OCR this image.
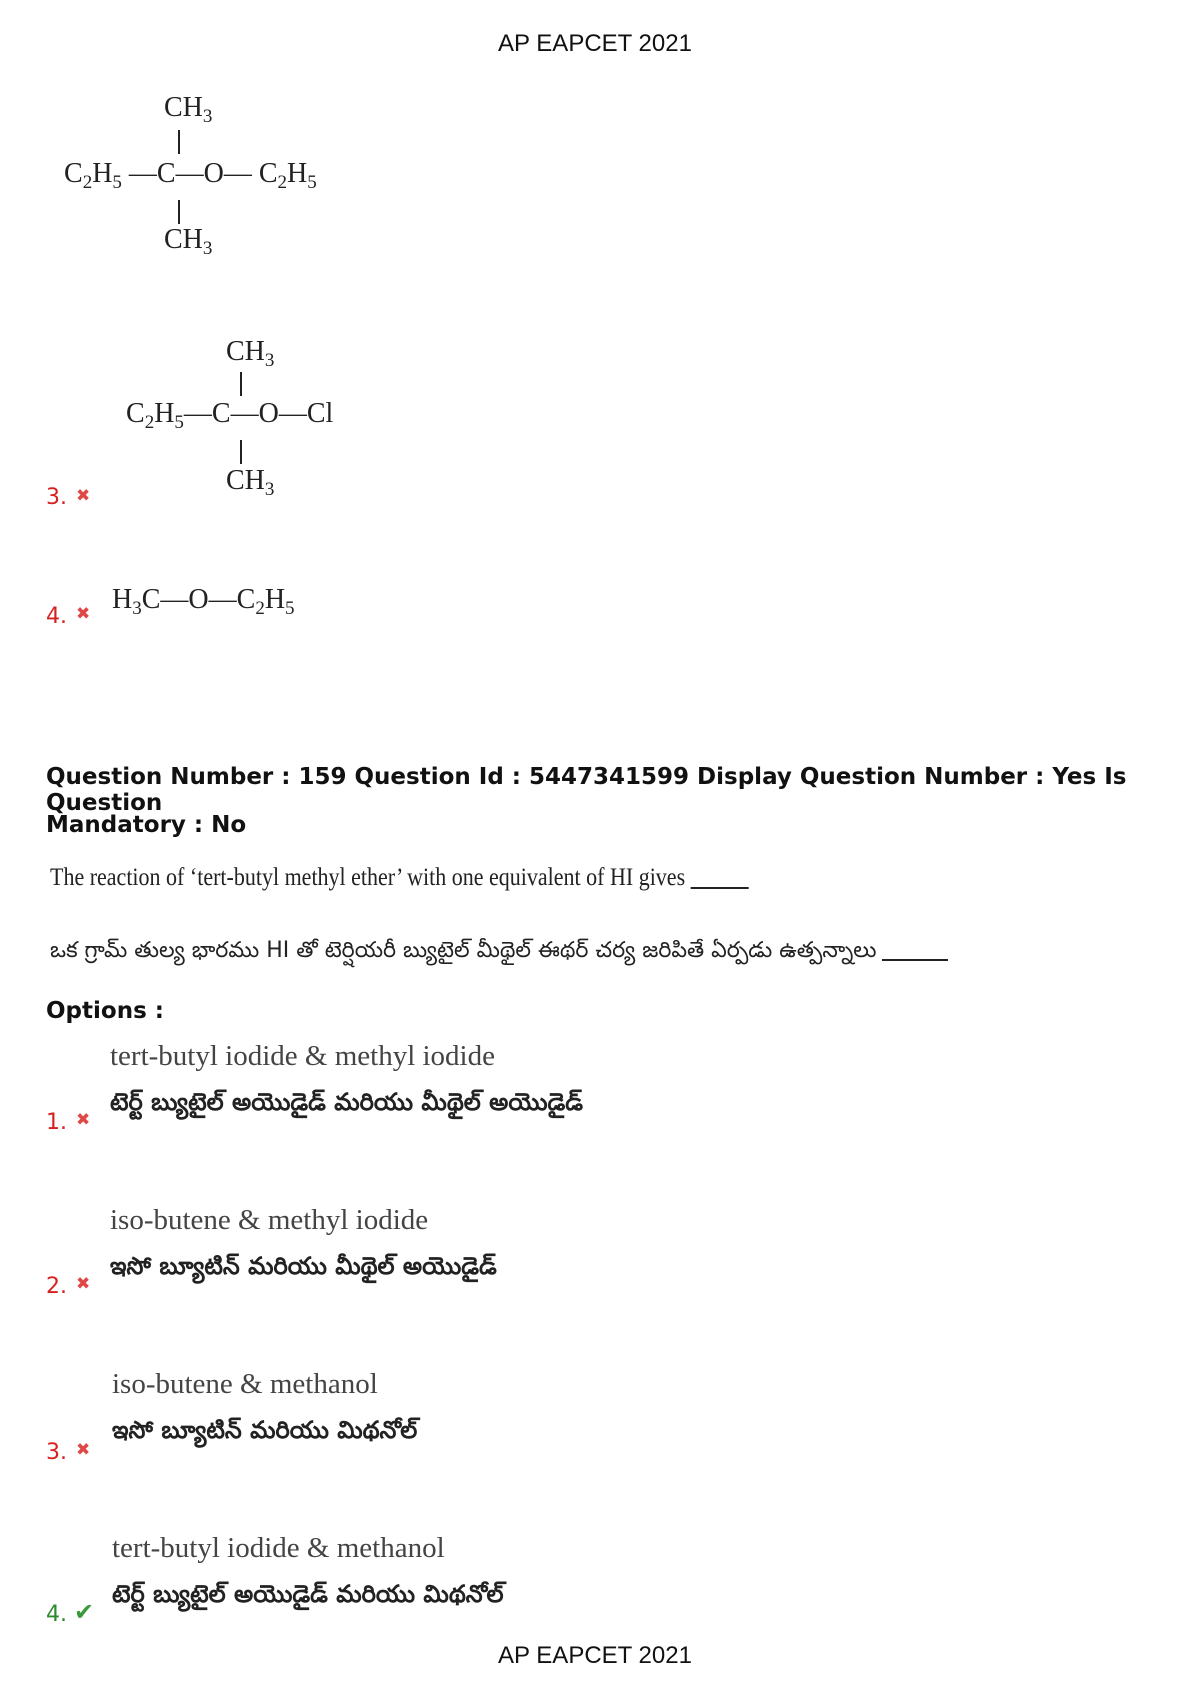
AP EAPCET 2021
$CH_3$
$C_2H_5$ —C—O— $C_2H_5$
$CH_3$
$CH_3$
$C_2H_5—C—O—Cl$
$CH_3$
3. ✖
4. ✖ $H_3C—O—C_2H_5$
Question Number : 159 Question Id : 5447341599 Display Question Number : Yes Is Question
Mandatory : No
The reaction of ‘tert-butyl methyl ether’ with one equivalent of HI gives
ఒక గ్రామ్ తుల్య భారము HI తో టెర్షియరీ బ్యుటైల్ మీథైల్ ఈథర్ చర్య జరిపితే ఏర్పడు ఉత్పన్నాలు
Options :
tert-butyl iodide & methyl iodide
టెర్ట్ బ్యుటైల్ అయొడైడ్ మరియు మీథైల్ అయొడైడ్
1. ✖
iso-butene & methyl iodide
ఇసో బ్యూటిన్ మరియు మీథైల్ అయొడైడ్
2. ✖
iso-butene & methanol
ఇసో బ్యూటిన్ మరియు మిథనోల్
3. ✖
tert-butyl iodide & methanol
టెర్ట్ బ్యుటైల్ అయొడైడ్ మరియు మిథనోల్
4. ✔
AP EAPCET 2021
